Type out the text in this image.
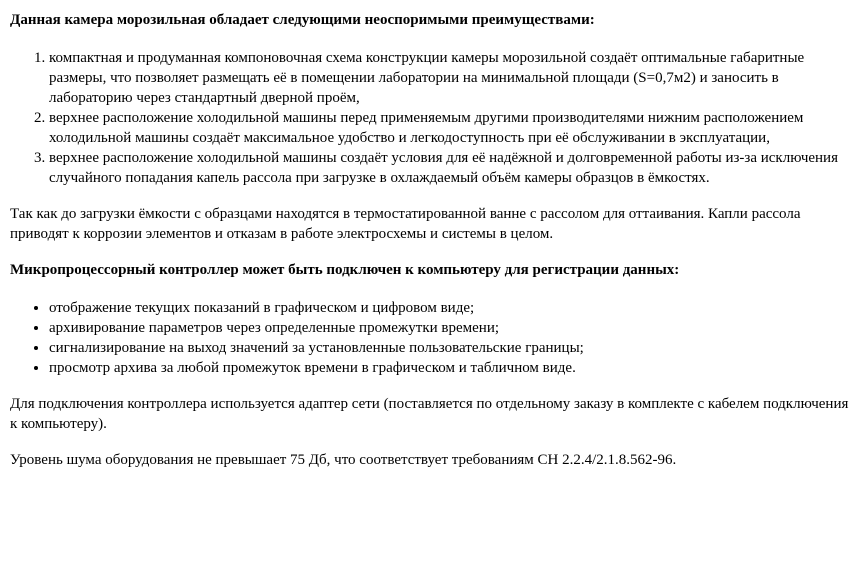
Данная камера морозильная обладает следующими неоспоримыми преимуществами:

1. компактная и продуманная компоновочная схема конструкции камеры морозильной создаёт оптимальные габаритные размеры, что позволяет размещать её в помещении лаборатории на минимальной площади (S=0,7м2) и заносить в лабораторию через стандартный дверной проём,
2. верхнее расположение холодильной машины перед применяемым другими производителями нижним расположением холодильной машины создаёт максимальное удобство и легкодоступность при её обслуживании в эксплуатации,
3. верхнее расположение холодильной машины создаёт условия для её надёжной и долговременной работы из-за исключения случайного попадания капель рассола при загрузке в охлаждаемый объём камеры образцов в ёмкостях.

Так как до загрузки ёмкости с образцами находятся в термостатированной ванне с рассолом для оттаивания. Капли рассола приводят к коррозии элементов и отказам в работе электросхемы и системы в целом.

Микропроцессорный контроллер может быть подключен к компьютеру для регистрации данных:

• отображение текущих показаний в графическом и цифровом виде;
• архивирование параметров через определенные промежутки времени;
• сигнализирование на выход значений за установленные пользовательские границы;
• просмотр архива за любой промежуток времени в графическом и табличном виде.

Для подключения контроллера используется адаптер сети (поставляется по отдельному заказу в комплекте с кабелем подключения к компьютеру).

Уровень шума оборудования не превышает 75 Дб, что соответствует требованиям СН 2.2.4/2.1.8.562-96.
